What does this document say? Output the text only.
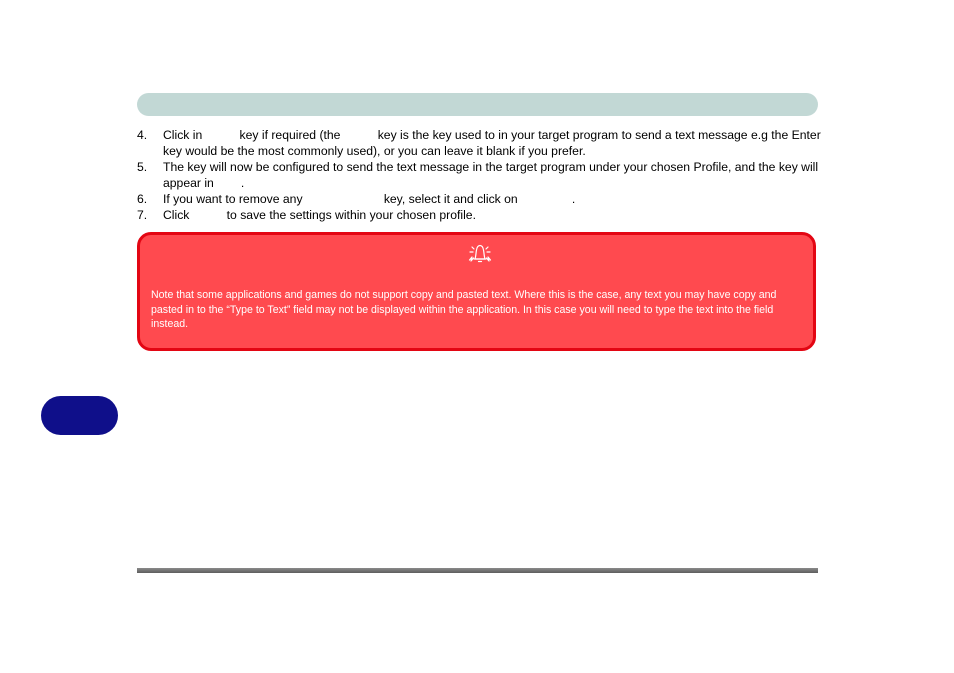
4.	Click in           key if required (the           key is the key used to in your target program to send a text message e.g the Enter key would be the most commonly used), or you can leave it blank if you prefer.
5.	The key will now be configured to send the text message in the target program under your chosen Profile, and the key will appear in        .
6.	If you want to remove any                        key, select it and click on                .
7.	Click           to save the settings within your chosen profile.
Note that some applications and games do not support copy and pasted text. Where this is the case, any text you may have copy and pasted in to the “Type to Text” field may not be displayed within the application. In this case you will need to type the text into the field instead.
